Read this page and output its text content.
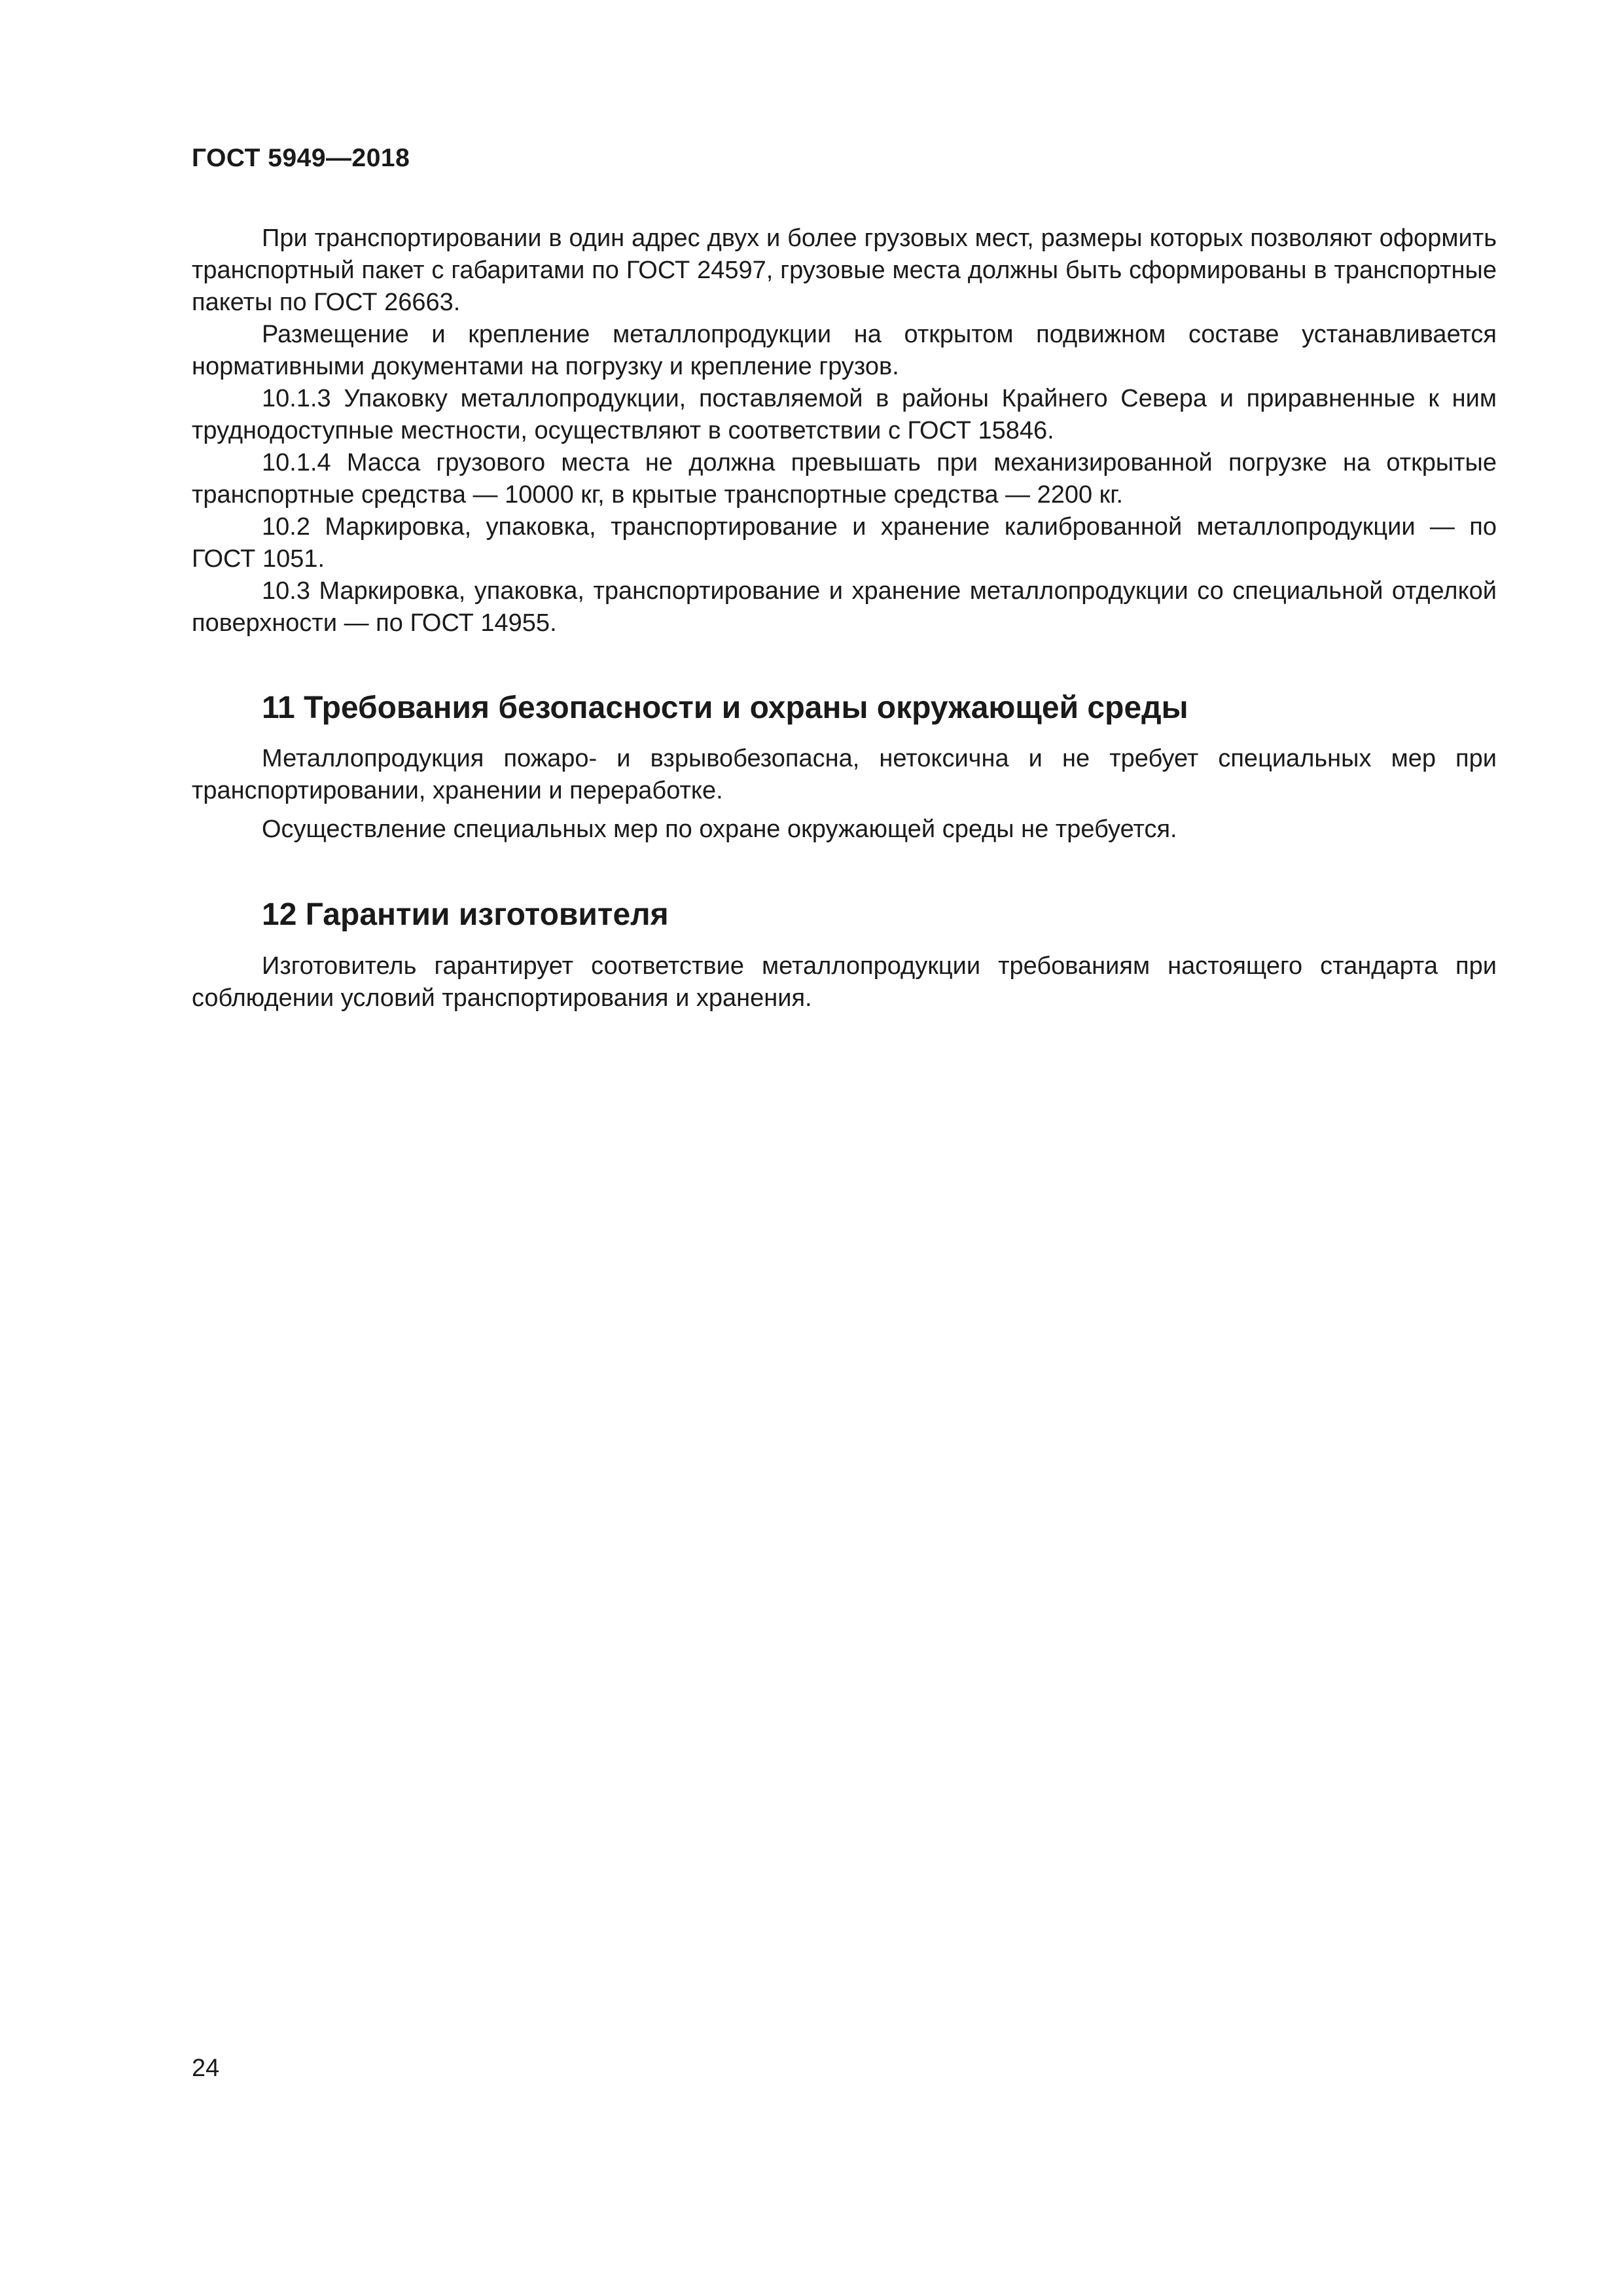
ГОСТ 5949—2018

При транспортировании в один адрес двух и более грузовых мест, размеры которых позволяют оформить транспортный пакет с габаритами по ГОСТ 24597, грузовые места должны быть сформированы в транспортные пакеты по ГОСТ 26663.

Размещение и крепление металлопродукции на открытом подвижном составе устанавливается нормативными документами на погрузку и крепление грузов.

10.1.3 Упаковку металлопродукции, поставляемой в районы Крайнего Севера и приравненные к ним труднодоступные местности, осуществляют в соответствии с ГОСТ 15846.

10.1.4 Масса грузового места не должна превышать при механизированной погрузке на открытые транспортные средства — 10000 кг, в крытые транспортные средства — 2200 кг.

10.2 Маркировка, упаковка, транспортирование и хранение калиброванной металлопродукции — по ГОСТ 1051.

10.3 Маркировка, упаковка, транспортирование и хранение металлопродукции со специальной отделкой поверхности — по ГОСТ 14955.

11 Требования безопасности и охраны окружающей среды

Металлопродукция пожаро- и взрывобезопасна, нетоксична и не требует специальных мер при транспортировании, хранении и переработке.

Осуществление специальных мер по охране окружающей среды не требуется.

12 Гарантии изготовителя

Изготовитель гарантирует соответствие металлопродукции требованиям настоящего стандарта при соблюдении условий транспортирования и хранения.

24
